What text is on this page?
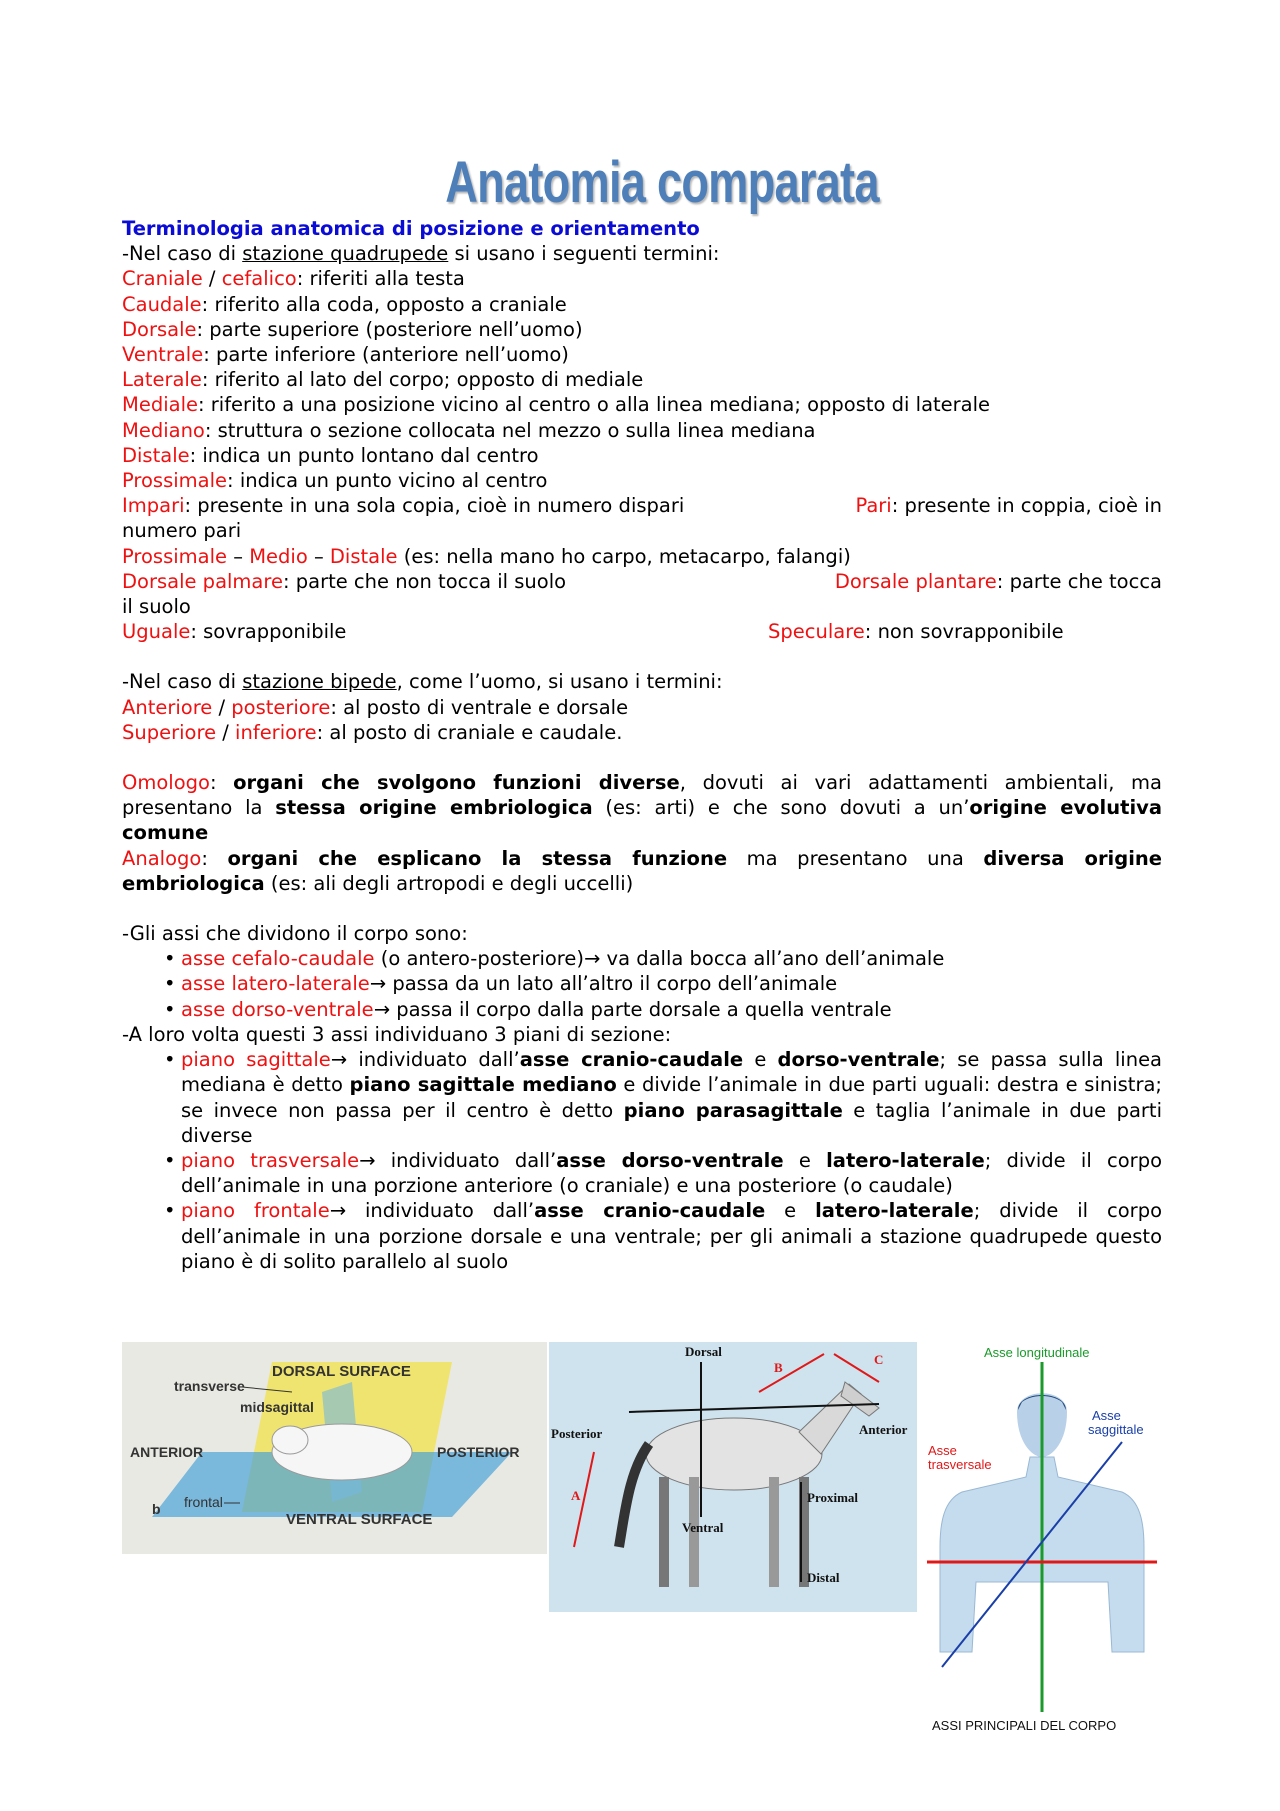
Anatomia comparata
Terminologia anatomica di posizione e orientamento
-Nel caso di stazione quadrupede si usano i seguenti termini:
Craniale / cefalico: riferiti alla testa
Caudale: riferito alla coda, opposto a craniale
Dorsale: parte superiore (posteriore nell’uomo)
Ventrale: parte inferiore (anteriore nell’uomo)
Laterale: riferito al lato del corpo; opposto di mediale
Mediale: riferito a una posizione vicino al centro o alla linea mediana; opposto di laterale
Mediano: struttura o sezione collocata nel mezzo o sulla linea mediana
Distale: indica un punto lontano dal centro
Prossimale: indica un punto vicino al centro
Impari: presente in una sola copia, cioè in numero dispari	Pari: presente in coppia, cioè in
numero pari
Prossimale – Medio – Distale (es: nella mano ho carpo, metacarpo, falangi)
Dorsale palmare: parte che non tocca il suolo	Dorsale plantare: parte che tocca
il suolo
Uguale: sovrapponibile	Speculare: non sovrapponibile
-Nel caso di stazione bipede, come l’uomo, si usano i termini:
Anteriore / posteriore: al posto di ventrale e dorsale
Superiore / inferiore: al posto di craniale e caudale.
Omologo: organi che svolgono funzioni diverse, dovuti ai vari adattamenti ambientali, ma presentano la stessa origine embriologica (es: arti) e che sono dovuti a un’origine evolutiva comune
Analogo: organi che esplicano la stessa funzione ma presentano una diversa origine embriologica (es: ali degli artropodi e degli uccelli)
-Gli assi che dividono il corpo sono:
• asse cefalo-caudale (o antero-posteriore)→ va dalla bocca all’ano dell’animale
• asse latero-laterale→ passa da un lato all’altro il corpo dell’animale
• asse dorso-ventrale→ passa il corpo dalla parte dorsale a quella ventrale
-A loro volta questi 3 assi individuano 3 piani di sezione:
• piano sagittale→ individuato dall’asse cranio-caudale e dorso-ventrale; se passa sulla linea mediana è detto piano sagittale mediano e divide l’animale in due parti uguali: destra e sinistra; se invece non passa per il centro è detto piano parasagittale e taglia l’animale in due parti diverse
• piano trasversale→ individuato dall’asse dorso-ventrale e latero-laterale; divide il corpo dell’animale in una porzione anteriore (o craniale) e una posteriore (o caudale)
• piano frontale→ individuato dall’asse cranio-caudale e latero-laterale; divide il corpo dell’animale in una porzione dorsale e una ventrale; per gli animali a stazione quadrupede questo piano è di solito parallelo al suolo
DORSAL SURFACE
transverse
midsagittal
ANTERIOR	POSTERIOR
frontal
b
VENTRAL SURFACE
Dorsal
B
C
Posterior	Anterior
A	Proximal
Ventral
Distal
Asse longitudinale
Asse
saggittale
Asse
trasversale
ASSI PRINCIPALI DEL CORPO
